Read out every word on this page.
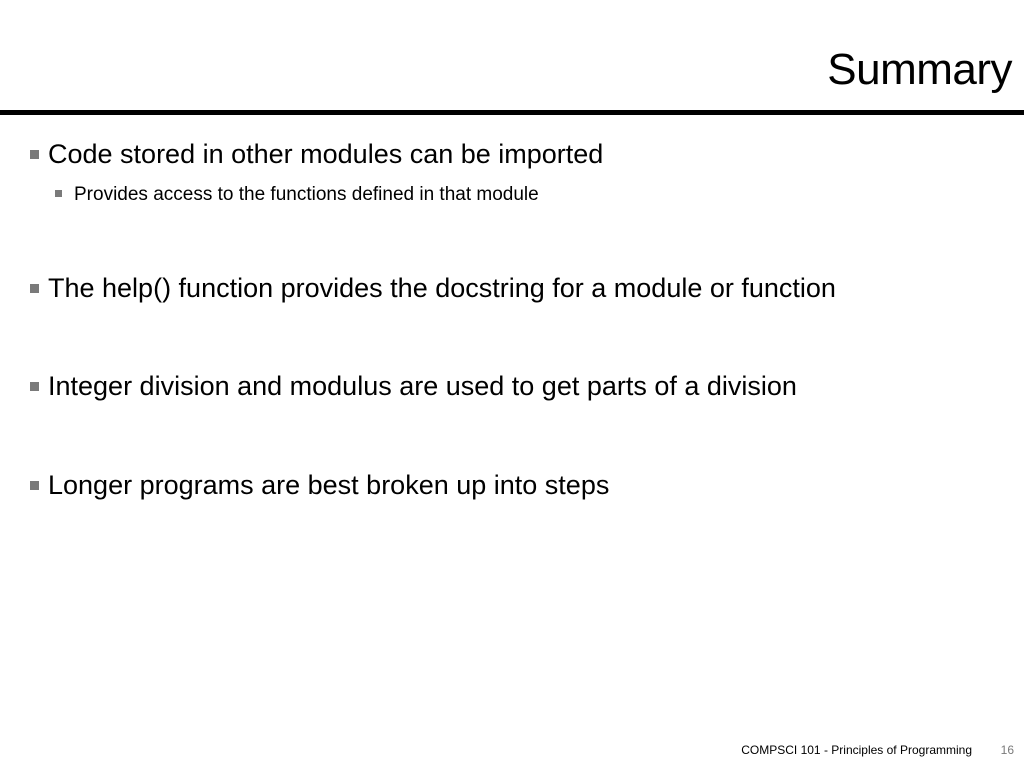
Summary
Code stored in other modules can be imported
Provides access to the functions defined in that module
The help() function provides the docstring for a module or function
Integer division and modulus are used to get parts of a division
Longer programs are best broken up into steps
COMPSCI 101 - Principles of Programming 16
